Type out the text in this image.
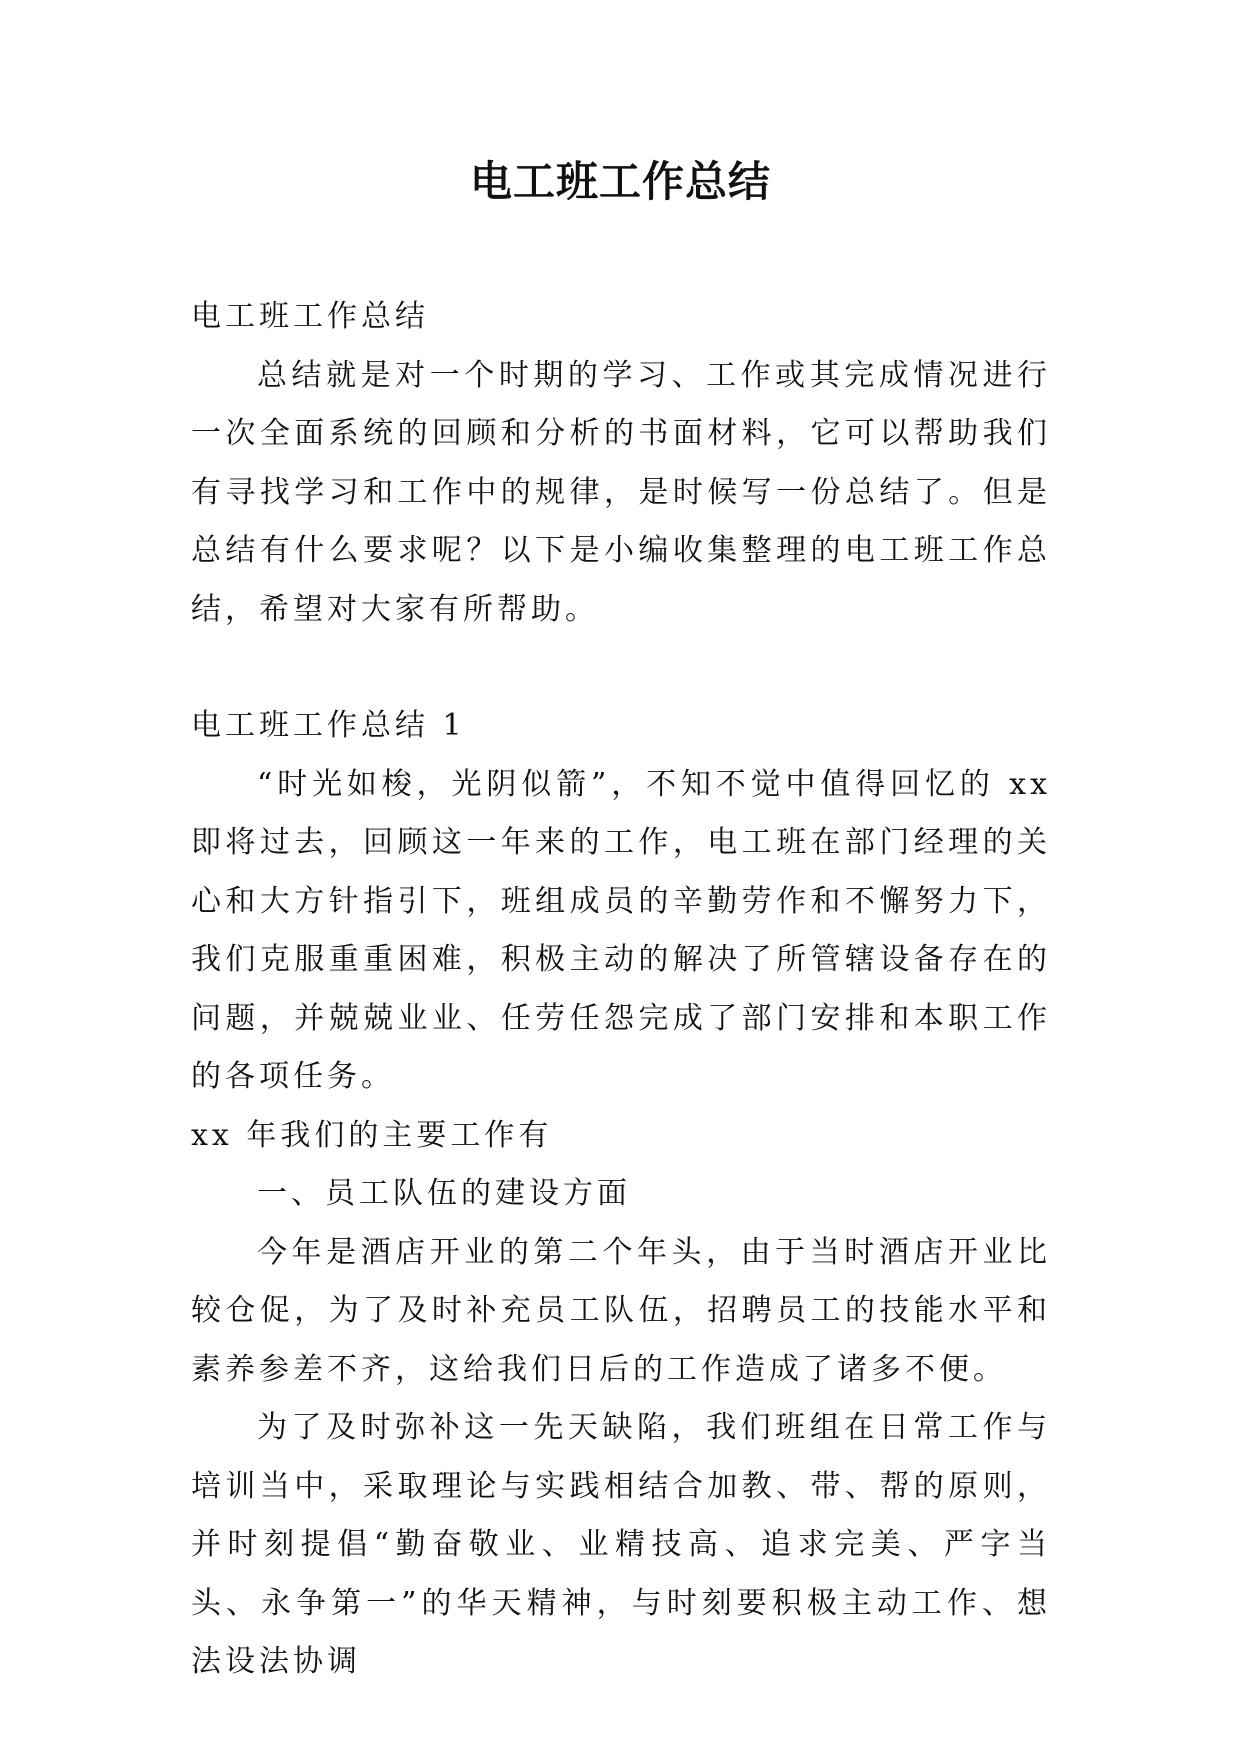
电工班工作总结

电工班工作总结

总结就是对一个时期的学习、工作或其完成情况进行一次全面系统的回顾和分析的书面材料，它可以帮助我们有寻找学习和工作中的规律，是时候写一份总结了。但是总结有什么要求呢？以下是小编收集整理的电工班工作总结，希望对大家有所帮助。

电工班工作总结 1

“时光如梭，光阴似箭”，不知不觉中值得回忆的 xx 即将过去，回顾这一年来的工作，电工班在部门经理的关心和大方针指引下，班组成员的辛勤劳作和不懈努力下，我们克服重重困难，积极主动的解决了所管辖设备存在的问题，并兢兢业业、任劳任怨完成了部门安排和本职工作的各项任务。

xx 年我们的主要工作有

一、员工队伍的建设方面

今年是酒店开业的第二个年头，由于当时酒店开业比较仓促，为了及时补充员工队伍，招聘员工的技能水平和素养参差不齐，这给我们日后的工作造成了诸多不便。

为了及时弥补这一先天缺陷，我们班组在日常工作与培训当中，采取理论与实践相结合加教、带、帮的原则，并时刻提倡“勤奋敬业、业精技高、追求完美、严字当头、永争第一”的华天精神，与时刻要积极主动工作、想法设法协调
